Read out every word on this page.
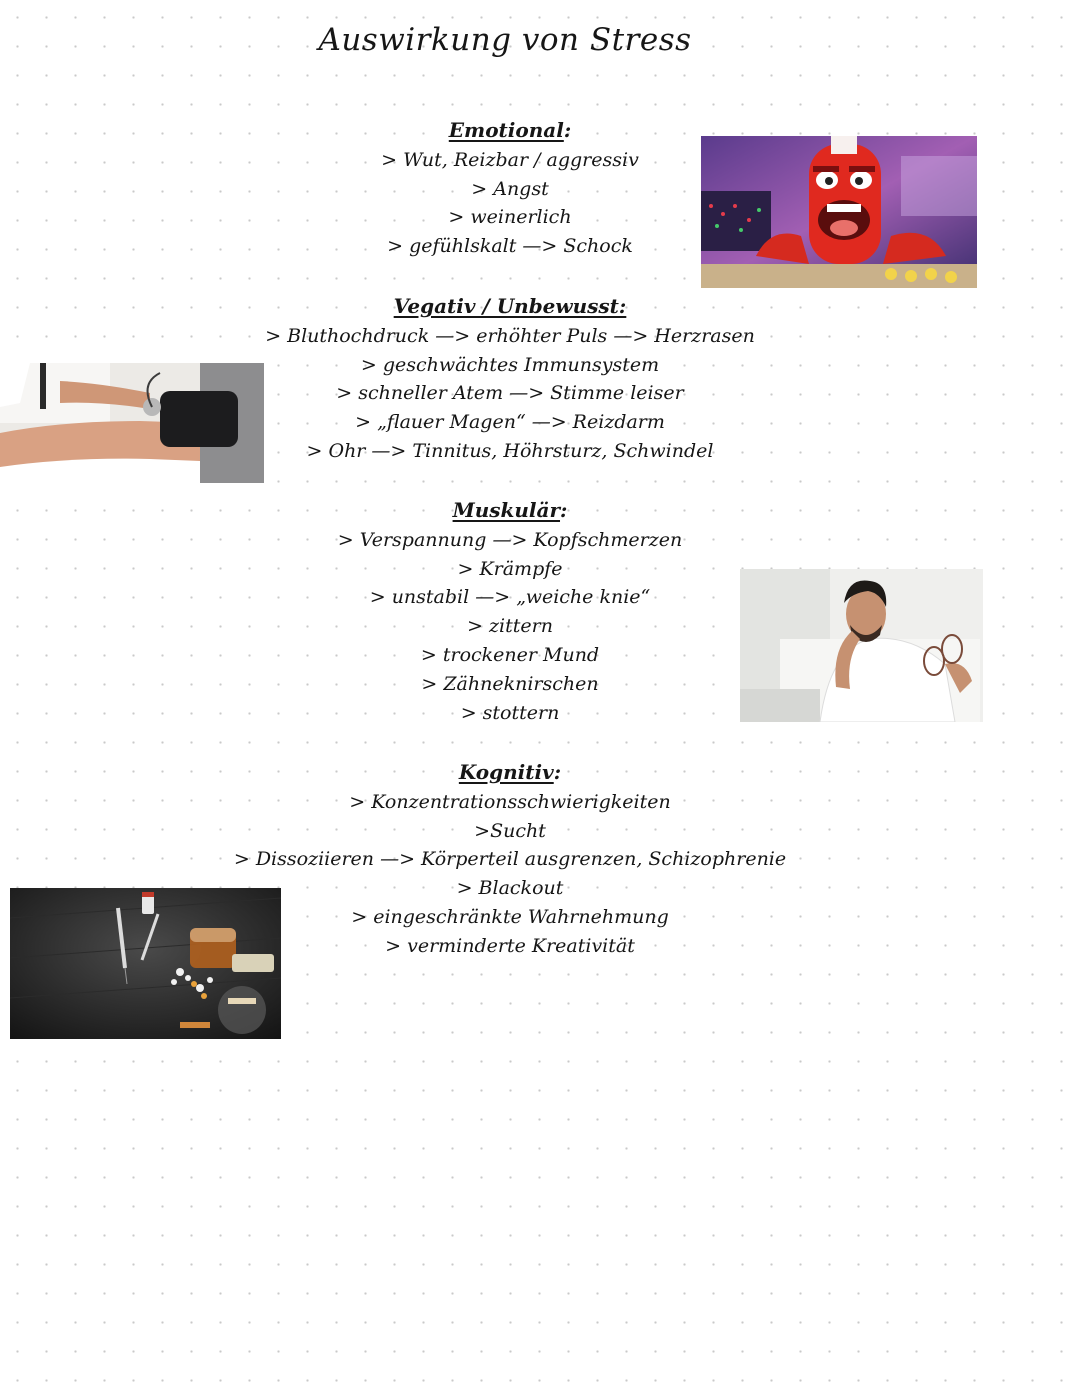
Auswirkung von Stress
Emotional:
> Wut, Reizbar / aggressiv
> Angst
> weinerlich
> gefühlskalt —> Schock
Vegativ / Unbewusst:
> Bluthochdruck —> erhöhter Puls —> Herzrasen
> geschwächtes Immunsystem
> schneller Atem —> Stimme leiser
> „flauer Magen“ —> Reizdarm
> Ohr —> Tinnitus, Höhrsturz, Schwindel
Muskulär:
> Verspannung —> Kopfschmerzen
> Krämpfe
> unstabil —> „weiche knie“
> zittern
> trockener Mund
> Zähneknirschen
> stottern
Kognitiv:
> Konzentrationsschwierigkeiten
>Sucht
> Dissoziieren —> Körperteil ausgrenzen, Schizophrenie
> Blackout
> eingeschränkte Wahrnehmung
> verminderte Kreativität
